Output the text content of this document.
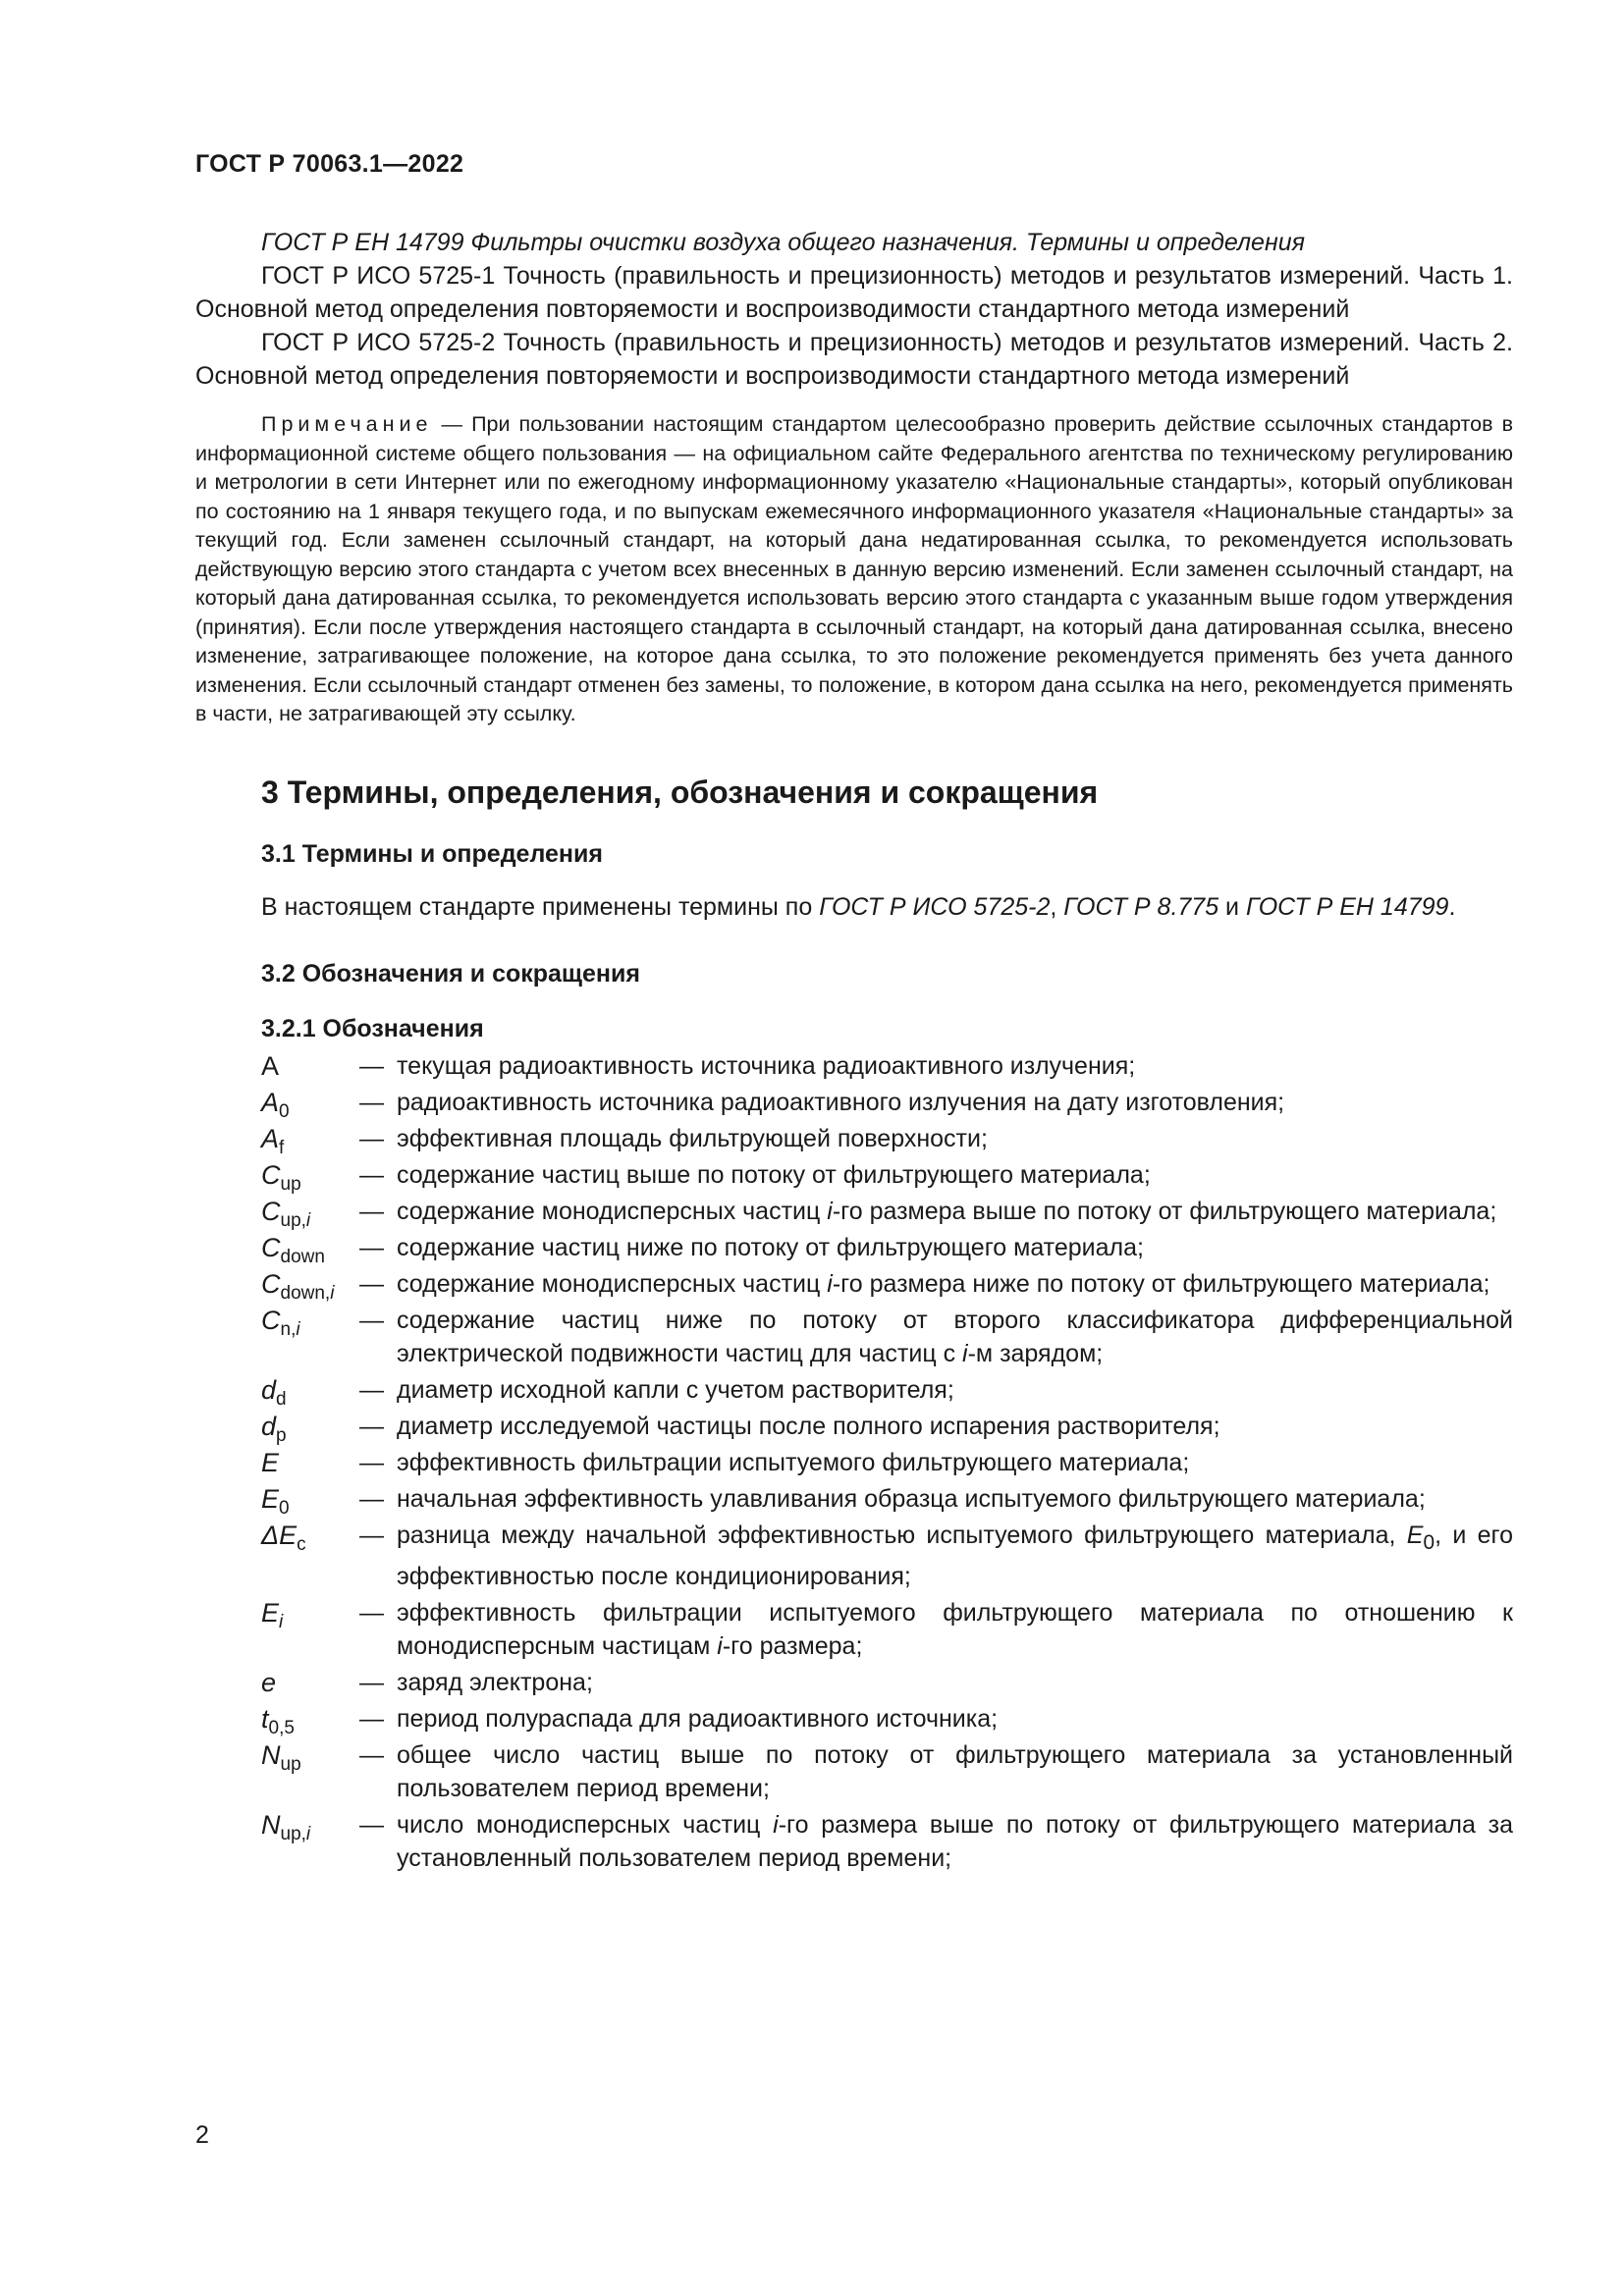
ГОСТ Р 70063.1—2022

ГОСТ Р ЕН 14799 Фильтры очистки воздуха общего назначения. Термины и определения

ГОСТ Р ИСО 5725-1 Точность (правильность и прецизионность) методов и результатов измерений. Часть 1. Основной метод определения повторяемости и воспроизводимости стандартного метода измерений

ГОСТ Р ИСО 5725-2 Точность (правильность и прецизионность) методов и результатов измерений. Часть 2. Основной метод определения повторяемости и воспроизводимости стандартного метода измерений

Примечание — При пользовании настоящим стандартом целесообразно проверить действие ссылочных стандартов в информационной системе общего пользования — на официальном сайте Федерального агентства по техническому регулированию и метрологии в сети Интернет или по ежегодному информационному указателю «Национальные стандарты», который опубликован по состоянию на 1 января текущего года, и по выпускам ежемесячного информационного указателя «Национальные стандарты» за текущий год. Если заменен ссылочный стандарт, на который дана недатированная ссылка, то рекомендуется использовать действующую версию этого стандарта с учетом всех внесенных в данную версию изменений. Если заменен ссылочный стандарт, на который дана датированная ссылка, то рекомендуется использовать версию этого стандарта с указанным выше годом утверждения (принятия). Если после утверждения настоящего стандарта в ссылочный стандарт, на который дана датированная ссылка, внесено изменение, затрагивающее положение, на которое дана ссылка, то это положение рекомендуется применять без учета данного изменения. Если ссылочный стандарт отменен без замены, то положение, в котором дана ссылка на него, рекомендуется применять в части, не затрагивающей эту ссылку.

3 Термины, определения, обозначения и сокращения
3.1 Термины и определения

В настоящем стандарте применены термины по ГОСТ Р ИСО 5725-2, ГОСТ Р 8.775 и ГОСТ Р ЕН 14799.

3.2 Обозначения и сокращения
3.2.1 Обозначения
A	— текущая радиоактивность источника радиоактивного излучения;
$A_0$	— радиоактивность источника радиоактивного излучения на дату изготовления;
$A_f$	— эффективная площадь фильтрующей поверхности;
$C_{up}$	— содержание частиц выше по потоку от фильтрующего материала;
$C_{up,i}$	— содержание монодисперсных частиц i-го размера выше по потоку от фильтрующего материала;
$C_{down}$	— содержание частиц ниже по потоку от фильтрующего материала;
$C_{down,i}$	— содержание монодисперсных частиц i-го размера ниже по потоку от фильтрующего материала;
$C_{n,i}$	— содержание частиц ниже по потоку от второго классификатора дифференциальной электрической подвижности частиц для частиц с i-м зарядом;
$d_d$	— диаметр исходной капли с учетом растворителя;
$d_p$	— диаметр исследуемой частицы после полного испарения растворителя;
E	— эффективность фильтрации испытуемого фильтрующего материала;
$E_0$	— начальная эффективность улавливания образца испытуемого фильтрующего материала;
$\Delta E_c$	— разница между начальной эффективностью испытуемого фильтрующего материала, $E_0$, и его эффективностью после кондиционирования;
$E_i$	— эффективность фильтрации испытуемого фильтрующего материала по отношению к монодисперсным частицам i-го размера;
e	— заряд электрона;
$t_{0,5}$	— период полураспада для радиоактивного источника;
$N_{up}$	— общее число частиц выше по потоку от фильтрующего материала за установленный пользователем период времени;
$N_{up,i}$	— число монодисперсных частиц i-го размера выше по потоку от фильтрующего материала за установленный пользователем период времени;
2
